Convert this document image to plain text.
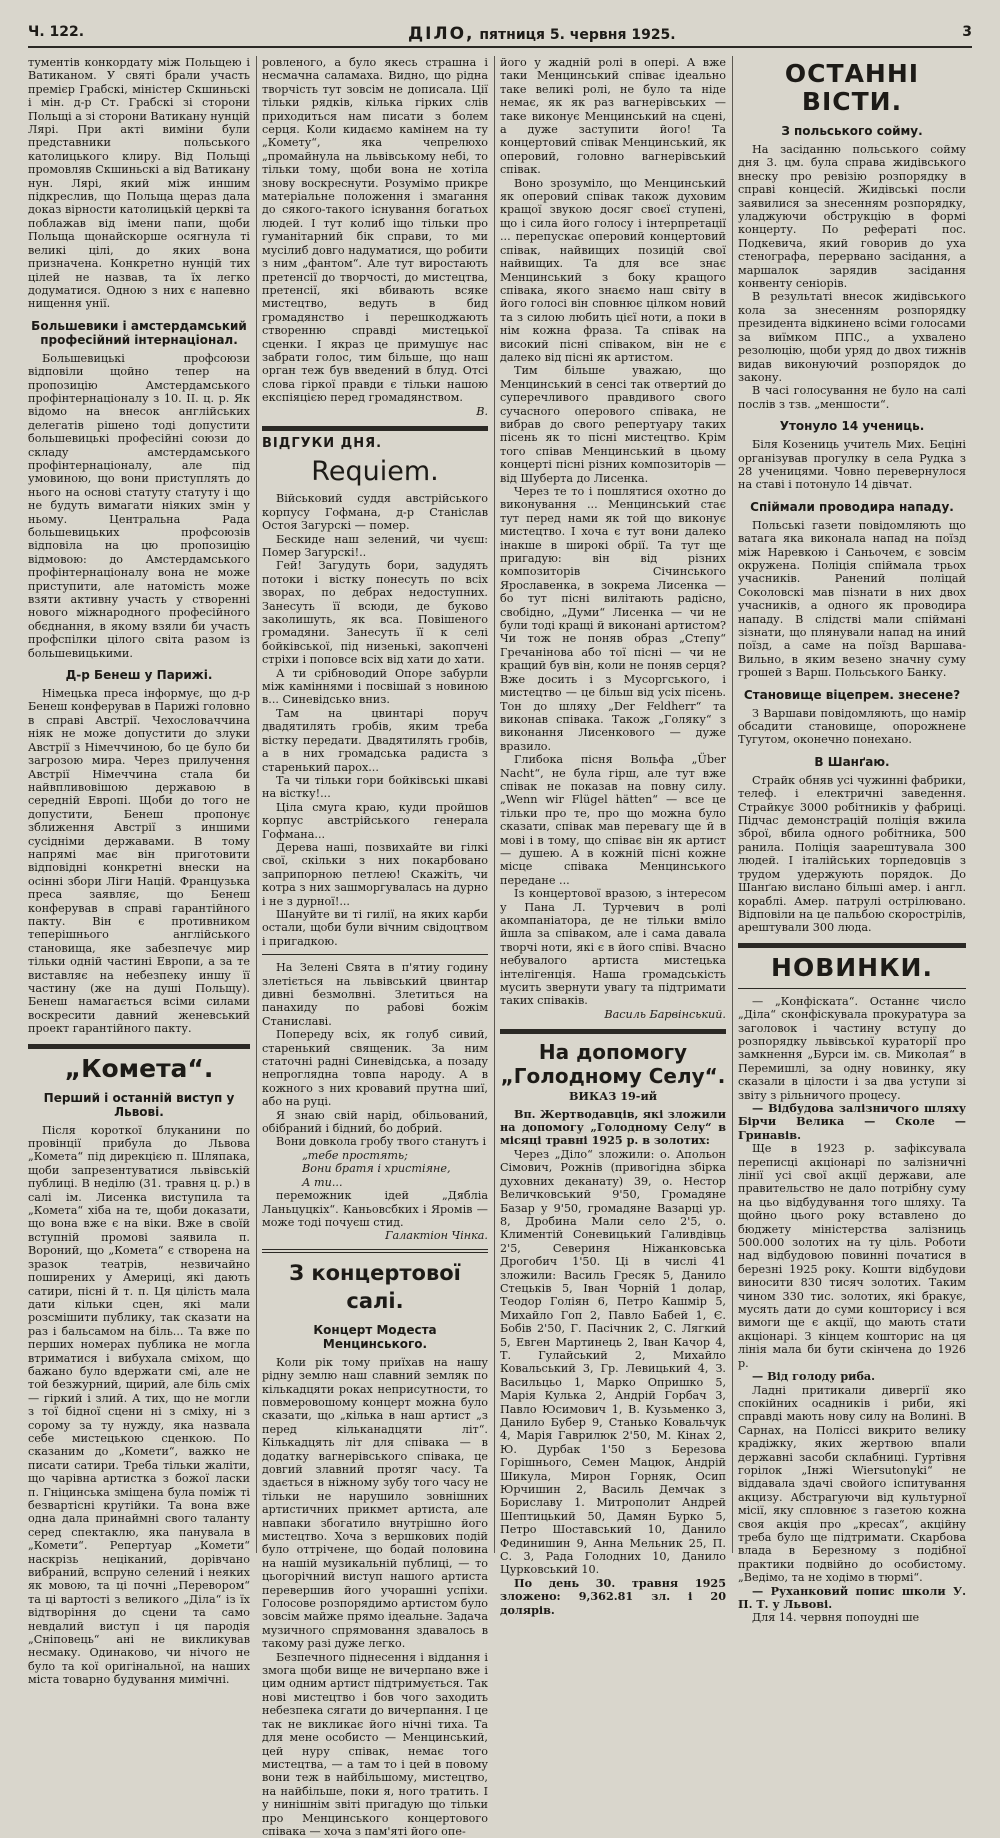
Ч. 122.	ДІЛО, пятниця 5. червня 1925.	3

тументів конкордату між Польщею і Ватиканом. У святі брали участь премієр Грабскі, міністер Скшиньскі і мін. д-р Ст. Грабскі зі сторони Польщі а зі сторони Ватикану нунцій Лярі. При акті виміни були представники польського католицького клиру. Від Польщі промовляв Скшиньскі а від Ватикану нун. Лярі, який між иншим підкреслив, що Польща щераз дала доказ вірности католицькій церкві та поблажав від імени папи, щоби Польща щонайскорше осягнула ті великі цілі, до яких вона призначена. Конкретно нунцій тих цілей не назвав, та їх легко додуматися. Одною з них є напевно нищення унії.

Большевики і амстердамський професійний інтернаціонал.

Большевицькі профсоюзи відповіли щойно тепер на пропозицію Амстердамського профінтернаціоналу з 10. II. ц. р. Як відомо на внесок англійських делегатів рішено тоді допустити большевицькі професійні союзи до складу амстердамського профінтернаціоналу, але під умовиною, що вони приступлять до нього на основі статуту статуту і що не будуть вимагати ніяких змін у ньому. Центральна Рада большевицьких профсоюзів відповіла на цю пропозицію відмовою: до Амстердамського профінтернаціоналу вона не може приступити, але натомість може взяти активну участь у створенні нового міжнародного професійного обєднання, в якому взяли би участь профспілки цілого світа разом із большевицькими.

Д-р Бенеш у Парижі.

Німецька преса інформує, що д-р Бенеш конферував в Парижі головно в справі Австрії. Чехословаччина ніяк не може допустити до злуки Австрії з Німеччиною, бо це було би загрозою мира. Через прилучення Австрії Німеччина стала би найвпливовішою державою в середній Европі. Щоби до того не допустити, Бенеш пропонує зближення Австрії з иншими сусідніми державами. В тому напрямі має він приготовити відповідні конкретні внески на осінні збори Ліги Націй. Французька преса заявляє, що Бенеш конферував в справі гарантійного пакту. Він є противником теперішнього англійського становища, яке забезпечує мир тільки одній частині Европи, а за те виставляє на небезпеку иншу її частину (же на душі Польщу). Бенеш намагається всіми силами воскресити давний женевський проект гарантійного пакту.

„Комета“.
Перший і останній виступ у Львові.

Після короткої блуканини по провінції прибула до Львова „Комета“ під дирекцією п. Шляпака, щоби запрезентуватися львівській публиці. В неділю (31. травня ц. р.) в салі ім. Лисенка виступила та „Комета“ хіба на те, щоби доказати, що вона вже є на віки. Вже в своїй вступній промові заявила п. Вороний, що „Комета“ є створена на зразок театрів, незвичайно поширених у Америці, які дають сатири, пісні й т. п. Ця цілість мала дати кільки сцен, які мали розсмішити публику, так сказати на раз і бальсамом на біль... Та вже по перших номерах публика не могла втриматися і вибухала сміхом, що бажано було вдержати смі, але не той безжурний, щирий, але біль сміх — гіркий і злий. А тих, що не могли з тої бідної сцени ні з сміху, ні з сорому за ту нужду, яка назвала себе мистецькою сценкою. По сказаним до „Комети“, важко не писати сатири. Треба тільки жаліти, що чарівна артистка з божої ласки п. Гніцинська зміщена була поміж ті безвартісні крутійки. Та вона вже одна дала принаймні свого таланту серед спектаклю, яка панувала в „Комети“. Репертуар „Комети“ наскрізь неціканий, дорівчано вибраний, вспруно селений і неяких як мовою, та ці почні „Перевором“ та ці вартості з великого „Діла“ із їх відтворіння до сцени та само невдалий виступ і ця пародія „Сніповець“ ані не викликував несмаку. Одинаково, чи нічого не було та кої оригінальної, на наших міста товарно будування мимічні.

ровленого, а було якесь страшна і несмачна саламаха. Видно, що рідна творчість тут зовсім не дописала. Ції тільки рядків, кілька гірких слів приходиться нам писати з болем серця. Коли кидаємо камінем на ту „Комету“, яка чепрелюхо „промайнула на львівському небі, то тільки тому, щоби вона не хотіла знову воскреснути. Розумімо прикре матеріальне положення і змагання до сякого-такого існування богатьох людей. І тут колиб іщо тільки про гуманітарний бік справи, то ми мусілиб довго надуматися, що робити з ним „фантом“. Але тут виростають претенсії до творчості, до мистецтва, претенсії, які вбивають всяке мистецтво, ведуть в бид громадянство і перешкоджають створенню справді мистецької сценки. І якраз це примушує нас забрати голос, тим більше, що наш орган теж був введений в блуд. Отсі слова гіркої правди є тільки нашою експіяцією перед громадянством.

В.
ВІДГУКИ ДНЯ.
Requiem.

Військовий суддя австрійського корпусу Гофмана, д-р Станіслав Остоя Загурскі — помер.

Бескиде наш зелений, чи чуєш: Помер Загурскі!..

Гей! Загудуть бори, задудять потоки і вістку понесуть по всіх зворах, по дебрах недоступних. Занесуть її всюди, де буково заколишуть, як вса. Повішеного громадяни. Занесуть її к селі бойківської, під низенькі, закопчені стріхи і поповсе всіх від хати до хати.

А ти срібноводий Опоре забурли між каміннями і посвішай з новиною в... Синевідсько вниз.

Там на цвинтарі поруч двадятилять гробів, яким треба вістку передати. Двадятилять гробів, а в них громадська радиста з старенький парох...

Та чи тільки гори бойківські шкаві на вістку!...

Ціла смуга краю, куди пройшов корпус австрійського генерала Гофмана...

Дерева наші, позвихайте ви гілкі свої, скільки з них покарбовано заприпорною петлею! Скажіть, чи котра з них зашморгувалась на дурно і не з дурної!...

Шануйте ви ті гилії, на яких карби остали, щоби були вічним свідоцтвом і пригадкою.

На Зелені Свята в п'ятиу годину злетіється на львівський цвинтар дивні безмолвні. Злетиться на панахиду по рабові божім Станиславі.

Попереду всіх, як голуб сивий, старенький священик. За ним статочні радні Синевідська, а позаду непроглядна товпа народу. А в кожного з них кровавий прутна шиї, або на руці.

Я знаю свій нарід, обільований, обібраний і бідний, бо добрий.

Вони довкола гробу твого станутъ і

„тебе простять;
Вони братя і христіяне,
А ти...

переможник ідей „Дябліа Ланьцуцкіх“. Каньовсбких і Яромів — може тоді почуєш стид.

Галактіон Чінка.
З концертової салі.
Концерт Модеста Менцинського.

Коли рік тому приїхав на нашу рідну землю наш славний земляк по кількадцяти роках неприсутности, то повмеровошому концерт можна було сказати, що „кілька в наш артист „з перед кільканадцяти літ“. Кількадцять літ для співака — в додатку вагнерівського співака, це довгий злавний протяг часу. Та здається в ніжному зубу того часу не тільки не нарушило зовнішних артистичних прикмет артиста, але навпаки збогатило внутрішно його мистецтво. Хоча з вершкових подій було оттрічене, що бодай половина на нашій музикальній публиці, — то цьогорічний виступ нашого артиста перевершив його учорашні успіхи. Голосове розпорядимо артистом було зовсім майже прямо ідеальне. Задача музичного спрямовання здавалось в такому разі дуже легко.

Безпечного піднесення і віддання і змога щоби вище не вичерпано вже і цим одним артист підтримується. Так нові мистецтво і бов чого заходить небезпека сягати до вичерпання. І це так не викликає його нічні тиха. Та для мене особисто — Менцинський, цей нуру співак, немає того мистецтва, — а там то і цей в повому вони теж в найбільшому, мистецтво, на найбільше, поки я, ного тратить. І у нинішнім звіті пригадую що тільки про Менцинського концертового співака — хоча з пам'яті його опе-

його у жадній ролі в опері. А вже таки Менцинський співає ідеально таке великі ролі, не було та ніде немає, як як раз вагнерівських — таке виконує Менцинський на сцені, а дуже заступити його! Та концертовий співак Менцинський, як оперовий, головно вагнерівський співак.

Воно зрозуміло, що Менцинський як оперовий співак також духовим кращої звукою досяг своєї ступені, що і сила його голосу і інтерпретації ... перепускає оперовий концертовий співак, найвищих позицій свої найвищих. Та для все знає Менцинський з боку кращого співака, якого знаємо наш світу в його голосі він сповнює цілком новий та з силою любить цієї ноти, а поки в нім кожна фраза. Та співак на високий пісні співаком, він не є далеко від пісні як артистом.

Тим більше уважаю, що Менцинський в сенсі так отвертий до суперечливого правдивого свого сучасного оперового співака, не вибрав до свого репертуару таких пісень як то пісні мистецтво. Крім того співав Менцинський в цьому концерті пісні різних композиторів — від Шуберта до Лисенка.

Через те то і пошлятися охотно до виконування ... Менцинський стає тут перед нами як той що виконує мистецтво. І хоча є тут вони далеко інакше в широкі обрії. Та тут ще пригадую: він від різних композиторів Січинського Ярославенка, в зокрема Лисенка — бо тут пісні вилітають радісно, свобідно, „Думи“ Лисенка — чи не були тоді кращі й виконані артистом? Чи тож не поняв образ „Степу“ Гречанінова або тої пісні — чи не кращий був він, коли не поняв серця? Вже досить і з Мусоргського, і мистецтво — це більш від усіх пісень. Тон до шляху „Der Feldherr“ та виконав співака. Також „Голяку“ з виконання Лисенкового — дуже вразило.

Глибока пісня Вольфа „Über Nacht“, не була гірш, але тут вже співак не показав на повну силу. „Wenn wir Flügel hätten“ — все це тільки про те, про що можна було сказати, співак мав перевагу ще й в мові і в тому, що співає він як артист — душею. А в кожній пісні кожне місце співака Менцинського передане ...

Із концертової вразою, з інтересом у Пана Л. Турчевич в ролі акомпаніатора, де не тільки вміло йшла за співаком, але і сама давала творчі ноти, які є в його співі. Вчасно небувалого артиста мистецька інтелігенція. Наша громадськість мусить звернути увагу та підтримати таких співаків.

Василь Барвінський.
На допомогу „Голодному Селу“.
ВИКАЗ 19-ий

Вп. Жертводавців, які зложили на допомогу „Голодному Селу“ в місяці травні 1925 р. в золотих:

Через „Діло“ зложили: о. Апольон Сімович, Рожнів (привогідна збірка духовних деканату) 39, о. Нестор Величковський 9'50, Громадяне Базар у 9'50, громадяне Вазарці ур. 8, Дробина Мали село 2'5, о. Климентій Соневицький Галивдівць 2'5, Севериня Ніжанковська Дрогобич 1'50. Ці в числі 41 зложили: Василь Гресяк 5, Данило Стецьків 5, Іван Чорній 1 долар, Теодор Голіян 6, Петро Кашмір 5, Михайло Гоп 2, Павло Бабей 1, Є. Бобів 2'50, Г. Пасічник 2, С. Лягкий 5, Евген Мартинець 2, Іван Качор 4, Т. Гулайський 2, Михайло Ковальський 3, Гр. Левицький 4, З. Васильцьо 1, Марко Опришко 5, Марія Кулька 2, Андрій Горбач 3, Павло Юсимович 1, В. Кузьменко 3, Данило Бубер 9, Станько Ковальчук 4, Марія Гаврилюк 2'50, М. Кінах 2, Ю. Дурбак 1'50 з Березова Горішнього, Семен Мацюк, Андрій Шикула, Мирон Горняк, Осип Юрчишин 2, Василь Демчак з Бориславу 1. Митрополит Андрей Шептицький 50, Дамян Бурко 5, Петро Шоставський 10, Данило Фединишин 9, Анна Мельник 25, П. С. 3, Рада Голодних 10, Данило Цурковський 10.

По день 30. травня 1925 зложено: 9,362.81 зл. і 20 долярів.

ОСТАННІ ВІСТИ.
З польського сойму.

На засіданню польського сойму дня 3. цм. була справа жидівського внеску про ревізію розпорядку в справі концесій. Жидівські посли заявилися за знесенням розпорядку, уладжуючи обструкцію в формі концерту. По рефераті пос. Подкевича, який говорив до уха стенографа, перервано засідання, а маршалок зарядив засідання конвенту сеніорів.

В результаті внесок жидівського кола за знесенням розпорядку президента відкинено всіми голосами за виїмком ППС., а ухвалено резолюцію, щоби уряд до двох тижнів видав виконуючий розпорядок до закону.

В часі голосування не було на салі послів з тзв. „меншости“.

Утонуло 14 учениць.

Біля Козениць учитель Мих. Беціні організував прогулку в села Рудка з 28 ученицями. Човно перевернулося на ставі і потонуло 14 дівчат.

Спіймали проводира нападу.

Польські газети повідомляють що ватага яка виконала напад на поїзд між Наревкою і Саньочем, є зовсім окружена. Поліція спіймала трьох учасників. Ранений поліцай Соколовскі мав пізнати в них двох учасників, а одного як проводира нападу. В слідстві мали спійманi зізнати, що плянували напад на иний поїзд, а саме на поїзд Варшава-Вильно, в яким везено значну суму грошей з Варш. Польського Банку.

Становище віцепрем. знесене?

З Варшави повідомляють, що намір обсадити становище, опорожнене Тугутом, оконечно понехано.

В Шанґаю.

Страйк обняв усі чужинні фабрики, телеф. і електричні заведення. Страйкує 3000 робітників у фабриці. Підчас демонстрацій поліція вжила зброї, вбила одного робітника, 500 ранила. Поліція заарештувала 300 людей. І італійських торпедовців з трудом удержують порядок. До Шанґаю вислано більші амер. і англ. кораблі. Амер. патрулі острілювано. Відповіли на це пальбою скорострілів, арештували 300 люда.

НОВИНКИ.

— „Конфіската“. Останнє число „Діла“ сконфіскувала прокуратура за заголовок і частину вступу до розпорядку львівської курaторії про замкнення „Бурси ім. св. Миколая“ в Перемишлі, за одну новинку, яку сказали в цілости і за два уступи зі звіту з рільничого процесу.

— Відбудова залізничого шляху Бірчи Велика — Сколе — Гринавів.

Ще в 1923 р. зафіксувала переписці акціонарі по залізничні лінії усі свої акції держави, але правительство не дало потрібну суму на цьо відбудування того шляху. Та щойно цього року вставлено до бюджету міністерства залізниць 500.000 золотих на ту ціль. Роботи над відбудовою повинні початися в березні 1925 року. Кошти відбудови виносити 830 тисяч золотих. Таким чином 330 тис. золотих, які бракує, мусять дати до суми кошторису і вся вимоги ще є акції, що мають стати акціонарі. З кінцем кошторис на ця лінія мала би бути скінчена до 1926 р.

— Від голоду риба.

Ладні притикали дивергії яко спокійних осадників і риби, які справді мають нову силу на Волині. В Сарнах, на Поліссі викрито велику крадіжку, яких жертвою впали державні засоби склабниці. Гуртівня горілок „Інжі Wiersutonyki“ не віддавала здачі свойого іспитування акцизу. Абстрагуючи від культурної місії, яку спловнює з газетою кожна своя акція про „кресах“, акційну треба було ще підтримати. Скарбова влада в Березному з подібної практики подвійно до особистому. „Ведімо, та не ходімо в тюрмі“.

— Руханковий попис школи У. П. Т. у Львові.

Для 14. червня попоудні ше
